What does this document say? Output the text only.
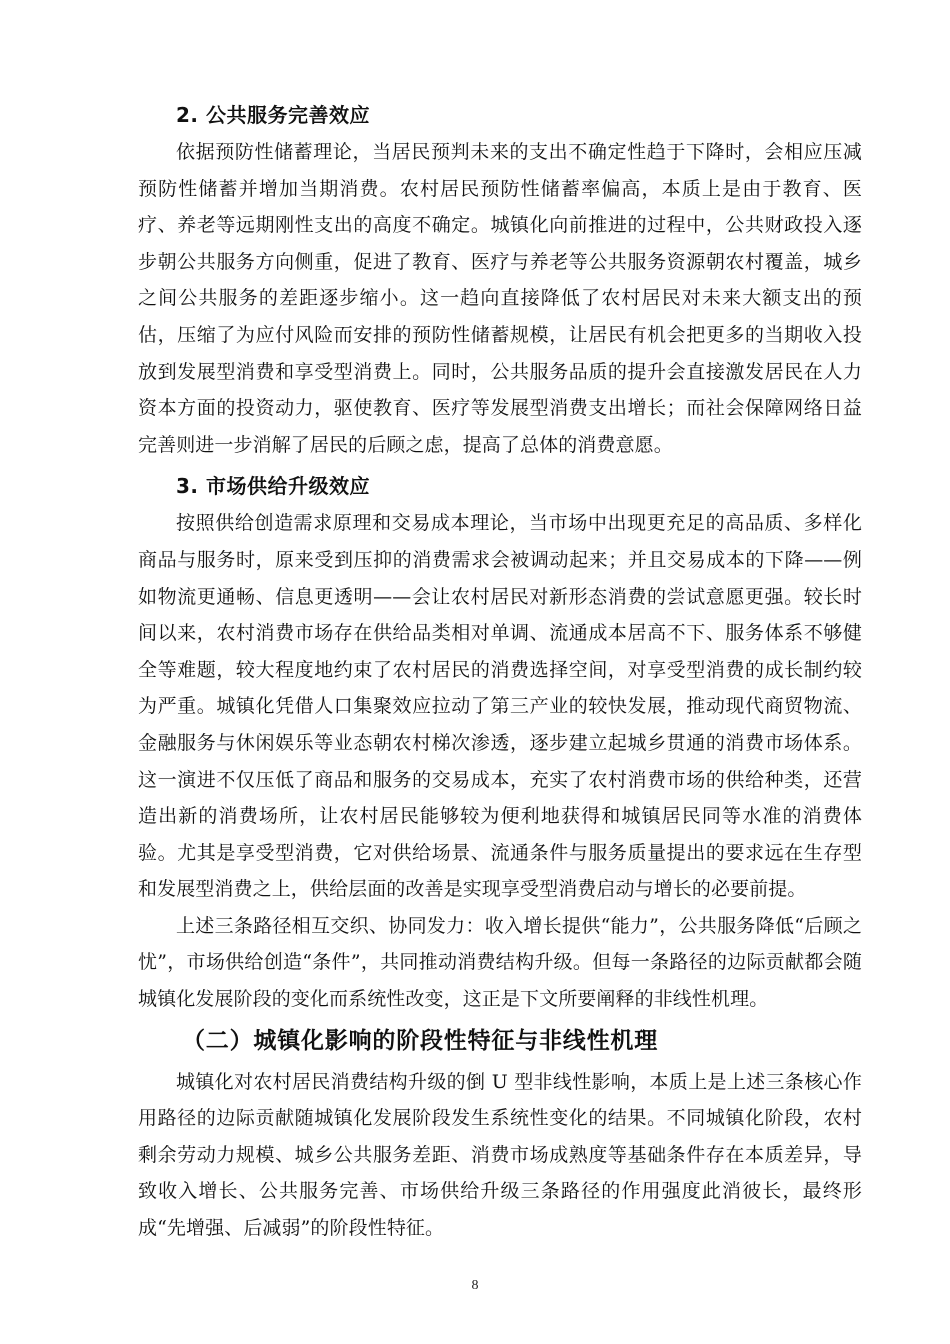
2. 公共服务完善效应

依据预防性储蓄理论，当居民预判未来的支出不确定性趋于下降时，会相应压减预防性储蓄并增加当期消费。农村居民预防性储蓄率偏高，本质上是由于教育、医疗、养老等远期刚性支出的高度不确定。城镇化向前推进的过程中，公共财政投入逐步朝公共服务方向侧重，促进了教育、医疗与养老等公共服务资源朝农村覆盖，城乡之间公共服务的差距逐步缩小。这一趋向直接降低了农村居民对未来大额支出的预估，压缩了为应付风险而安排的预防性储蓄规模，让居民有机会把更多的当期收入投放到发展型消费和享受型消费上。同时，公共服务品质的提升会直接激发居民在人力资本方面的投资动力，驱使教育、医疗等发展型消费支出增长；而社会保障网络日益完善则进一步消解了居民的后顾之虑，提高了总体的消费意愿。

3. 市场供给升级效应

按照供给创造需求原理和交易成本理论，当市场中出现更充足的高品质、多样化商品与服务时，原来受到压抑的消费需求会被调动起来；并且交易成本的下降——例如物流更通畅、信息更透明——会让农村居民对新形态消费的尝试意愿更强。较长时间以来，农村消费市场存在供给品类相对单调、流通成本居高不下、服务体系不够健全等难题，较大程度地约束了农村居民的消费选择空间，对享受型消费的成长制约较为严重。城镇化凭借人口集聚效应拉动了第三产业的较快发展，推动现代商贸物流、金融服务与休闲娱乐等业态朝农村梯次渗透，逐步建立起城乡贯通的消费市场体系。这一演进不仅压低了商品和服务的交易成本，充实了农村消费市场的供给种类，还营造出新的消费场所，让农村居民能够较为便利地获得和城镇居民同等水准的消费体验。尤其是享受型消费，它对供给场景、流通条件与服务质量提出的要求远在生存型和发展型消费之上，供给层面的改善是实现享受型消费启动与增长的必要前提。

上述三条路径相互交织、协同发力：收入增长提供“能力”，公共服务降低“后顾之忧”，市场供给创造“条件”，共同推动消费结构升级。但每一条路径的边际贡献都会随城镇化发展阶段的变化而系统性改变，这正是下文所要阐释的非线性机理。

（二）城镇化影响的阶段性特征与非线性机理

城镇化对农村居民消费结构升级的倒 U 型非线性影响，本质上是上述三条核心作用路径的边际贡献随城镇化发展阶段发生系统性变化的结果。不同城镇化阶段，农村剩余劳动力规模、城乡公共服务差距、消费市场成熟度等基础条件存在本质差异，导致收入增长、公共服务完善、市场供给升级三条路径的作用强度此消彼长，最终形成“先增强、后减弱”的阶段性特征。

8
